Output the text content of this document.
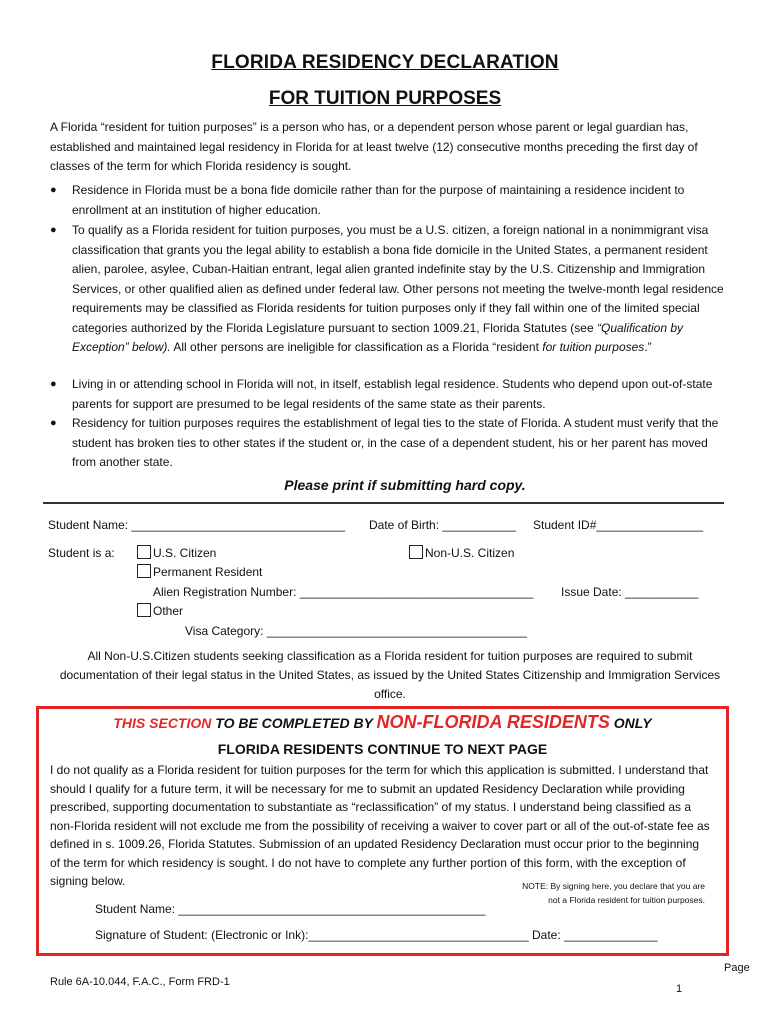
FLORIDA RESIDENCY DECLARATION
FOR TUITION PURPOSES
A Florida “resident for tuition purposes” is a person who has, or a dependent person whose parent or legal guardian has, established and maintained legal residency in Florida for at least twelve (12) consecutive months preceding the first day of classes of the term for which Florida residency is sought.
● Residence in Florida must be a bona fide domicile rather than for the purpose of maintaining a residence incident to enrollment at an institution of higher education.
● To qualify as a Florida resident for tuition purposes, you must be a U.S. citizen, a foreign national in a nonimmigrant visa classification that grants you the legal ability to establish a bona fide domicile in the United States, a permanent resident alien, parolee, asylee, Cuban-Haitian entrant, legal alien granted indefinite stay by the U.S. Citizenship and Immigration Services, or other qualified alien as defined under federal law. Other persons not meeting the twelve-month legal residence requirements may be classified as Florida residents for tuition purposes only if they fall within one of the limited special categories authorized by the Florida Legislature pursuant to section 1009.21, Florida Statutes (see “Qualification by Exception” below). All other persons are ineligible for classification as a Florida “resident for tuition purposes.”
● Living in or attending school in Florida will not, in itself, establish legal residence. Students who depend upon out-of-state parents for support are presumed to be legal residents of the same state as their parents.
● Residency for tuition purposes requires the establishment of legal ties to the state of Florida. A student must verify that the student has broken ties to other states if the student or, in the case of a dependent student, his or her parent has moved from another state.
Please print if submitting hard copy.
Student Name: ________________________________ Date of Birth: ___________ Student ID#________________
Student is a:	U.S. Citizen	Non-U.S. Citizen
Permanent Resident
Alien Registration Number: ___________________________________ Issue Date: ___________
Other
Visa Category: _______________________________________
All Non-U.S.Citizen students seeking classification as a Florida resident for tuition purposes are required to submit documentation of their legal status in the United States, as issued by the United States Citizenship and Immigration Services office.
THIS SECTION TO BE COMPLETED BY NON-FLORIDA RESIDENTS ONLY
FLORIDA RESIDENTS CONTINUE TO NEXT PAGE
I do not qualify as a Florida resident for tuition purposes for the term for which this application is submitted. I understand that should I qualify for a future term, it will be necessary for me to submit an updated Residency Declaration while providing prescribed, supporting documentation to substantiate as “reclassification” of my status. I understand being classified as a non-Florida resident will not exclude me from the possibility of receiving a waiver to cover part or all of the out-of-state fee as defined in s. 1009.26, Florida Statutes. Submission of an updated Residency Declaration must occur prior to the beginning of the term for which residency is sought. I do not have to complete any further portion of this form, with the exception of signing below.	NOTE: By signing here, you declare that you are
not a Florida resident for tuition purposes.
Student Name: ______________________________________________
Signature of Student: (Electronic or Ink):_________________________________ Date: ______________
Rule 6A-10.044, F.A.C., Form FRD-1
Page
1
